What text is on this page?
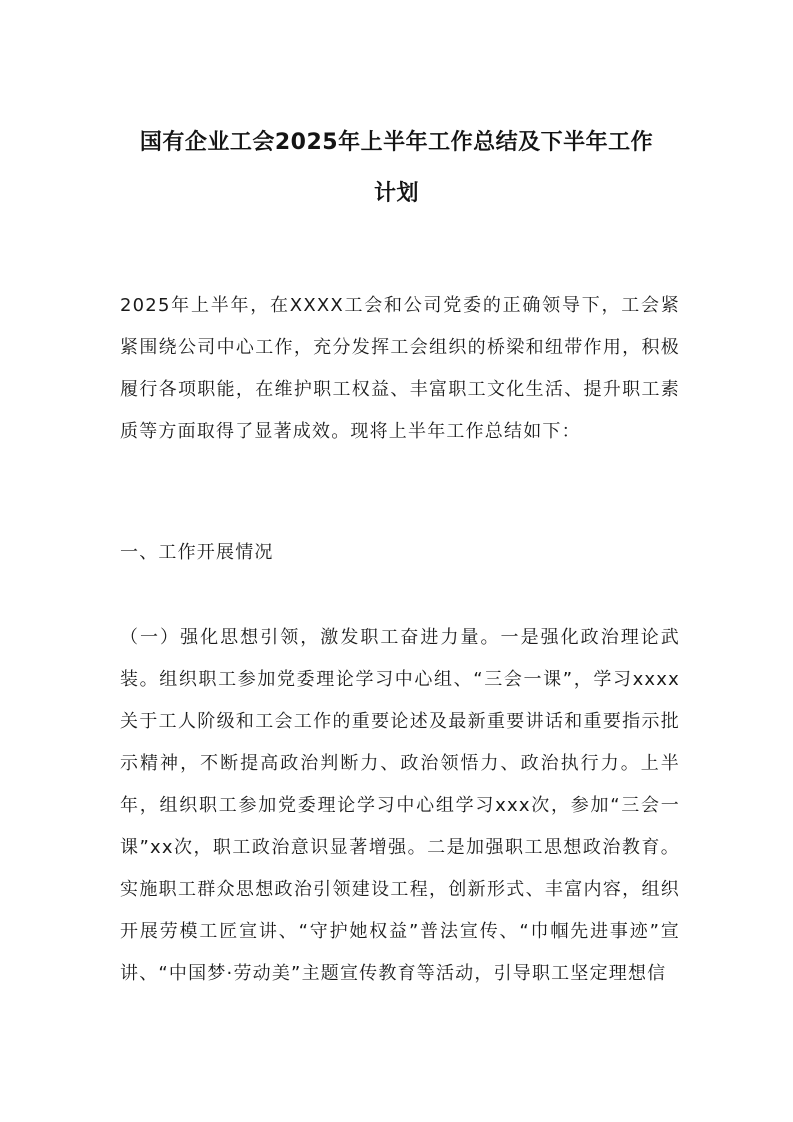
国有企业工会2025年上半年工作总结及下半年工作
计划

2025年上半年，在XXXX工会和公司党委的正确领导下，工会紧紧围绕公司中心工作，充分发挥工会组织的桥梁和纽带作用，积极履行各项职能，在维护职工权益、丰富职工文化生活、提升职工素质等方面取得了显著成效。现将上半年工作总结如下：

一、工作开展情况

（一）强化思想引领，激发职工奋进力量。一是强化政治理论武装。组织职工参加党委理论学习中心组、“三会一课”，学习xxxx关于工人阶级和工会工作的重要论述及最新重要讲话和重要指示批示精神，不断提高政治判断力、政治领悟力、政治执行力。上半年，组织职工参加党委理论学习中心组学习xxx次，参加“三会一课”xx次，职工政治意识显著增强。二是加强职工思想政治教育。实施职工群众思想政治引领建设工程，创新形式、丰富内容，组织开展劳模工匠宣讲、“守护她权益”普法宣传、“巾帼先进事迹”宣讲、“中国梦·劳动美”主题宣传教育等活动，引导职工坚定理想信
